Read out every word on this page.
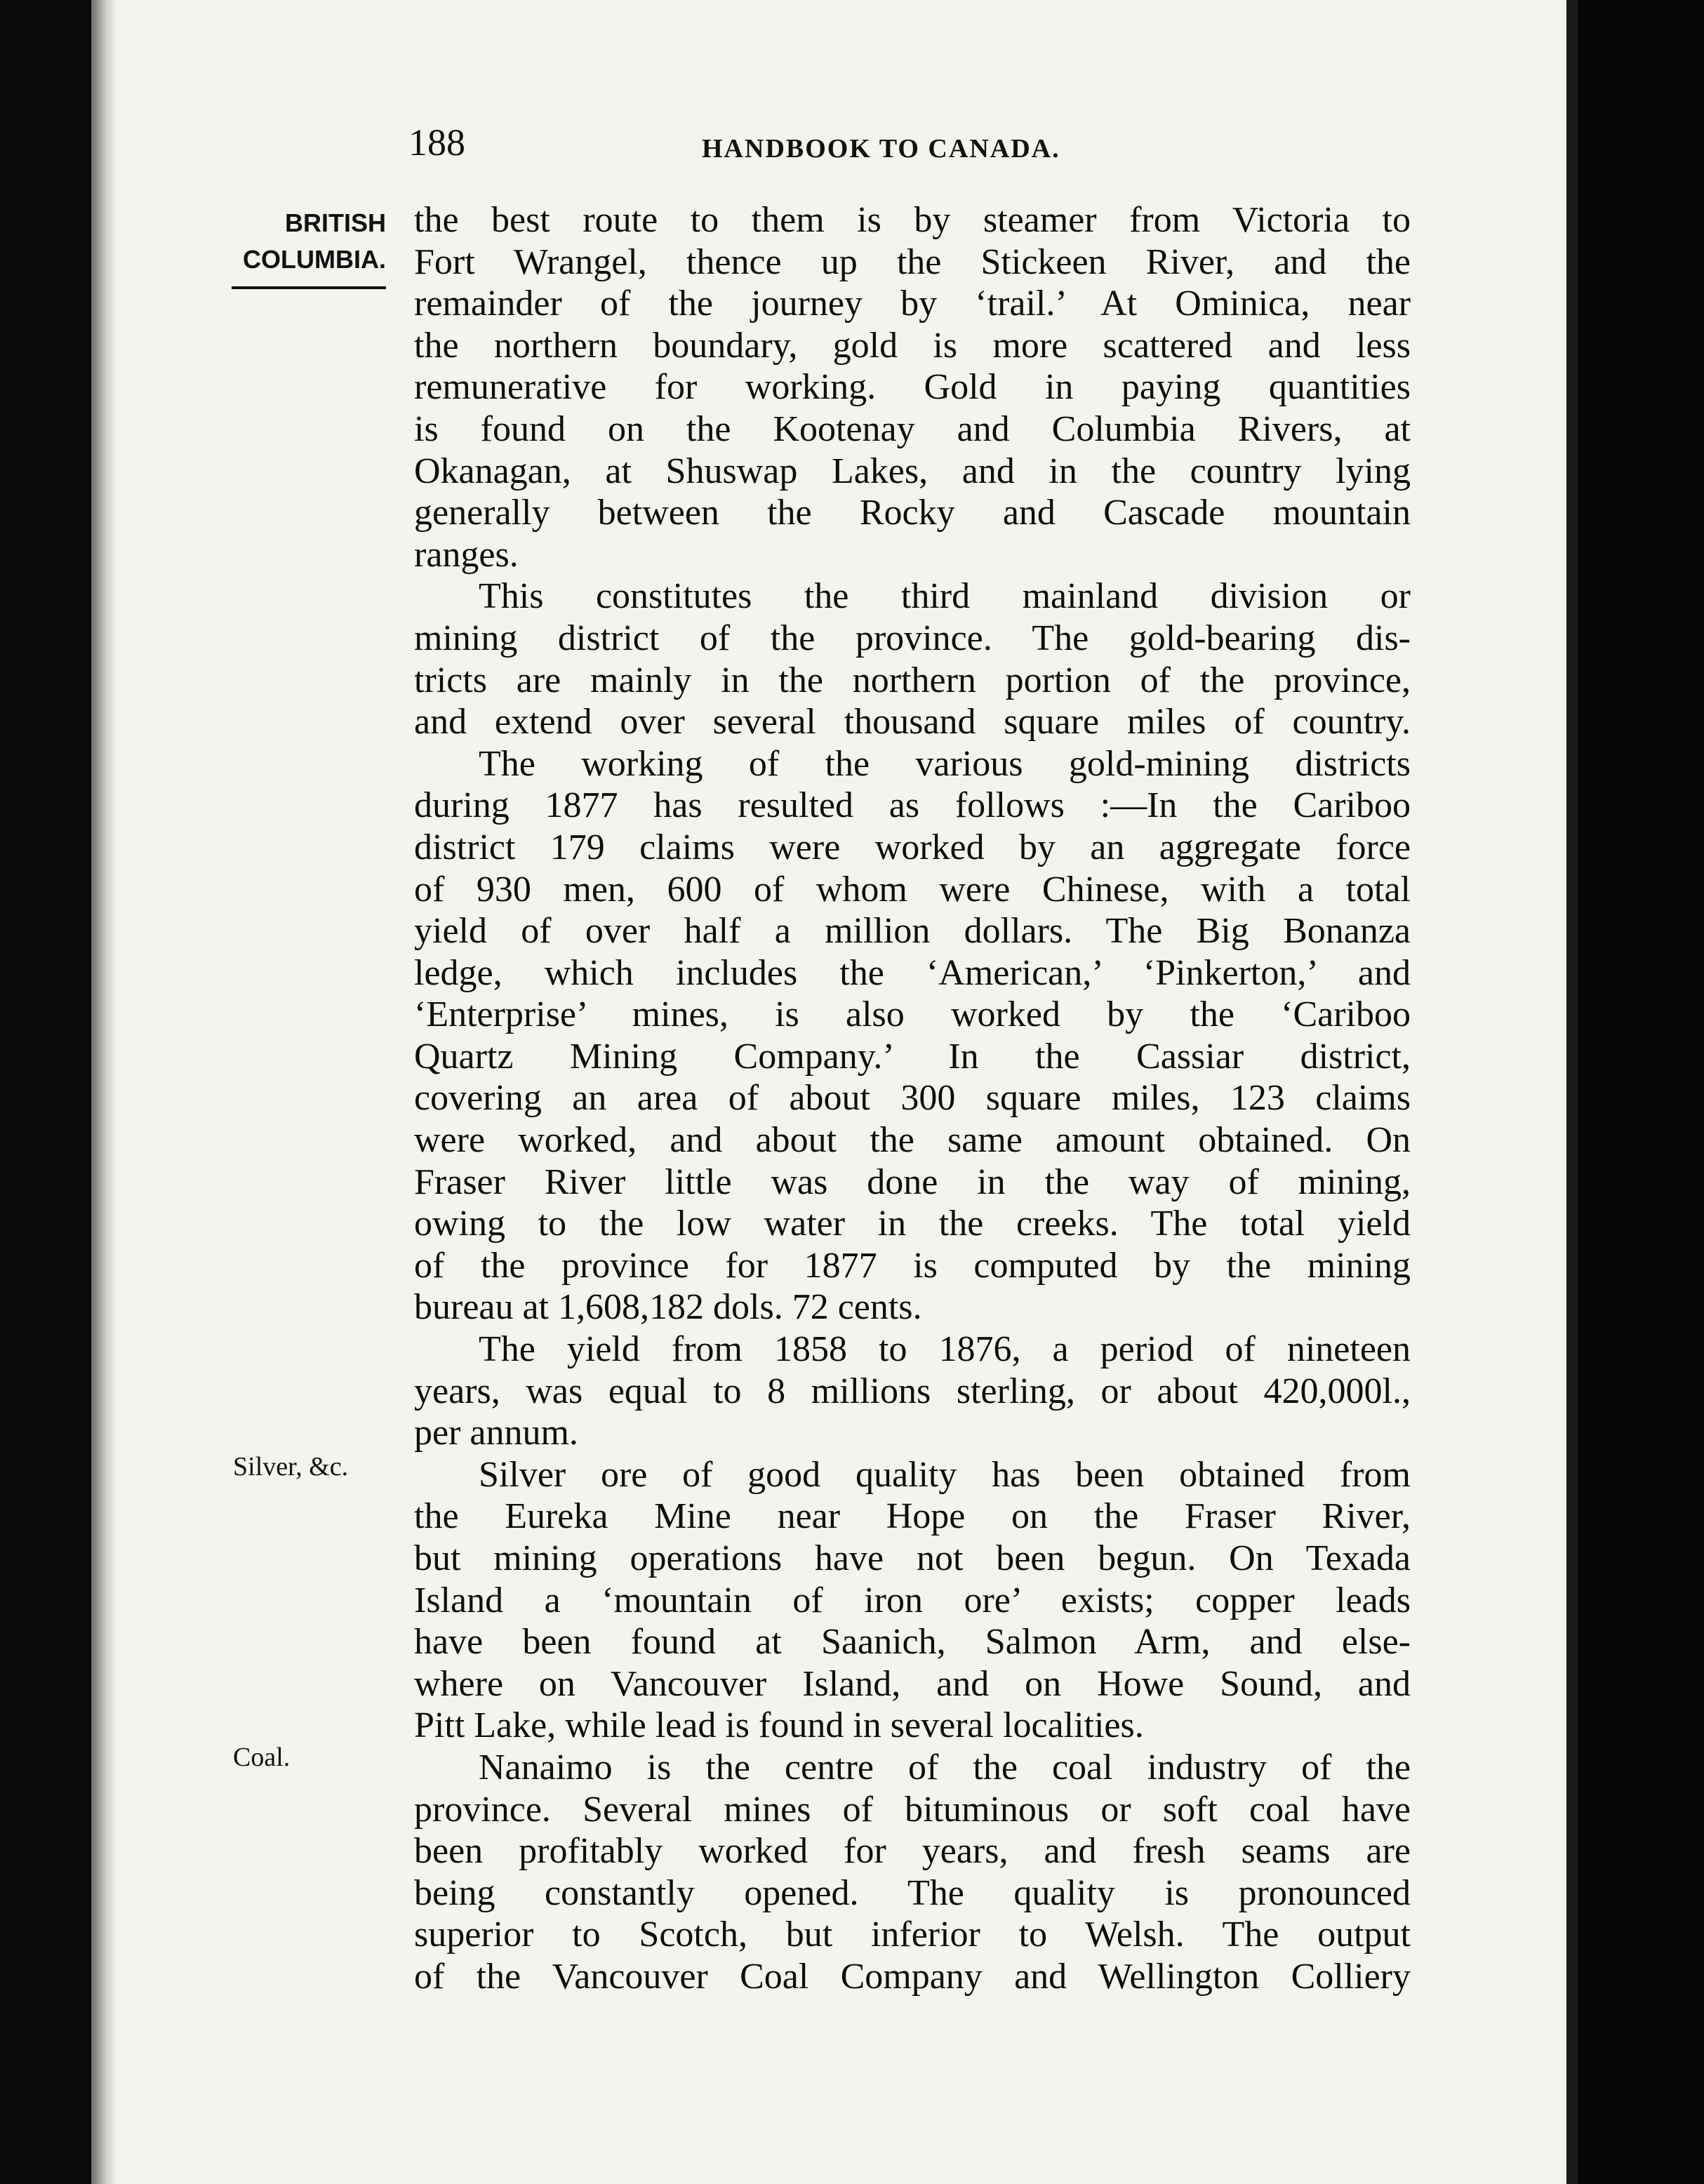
188	HANDBOOK TO CANADA.
BRITISH
COLUMBIA.
Silver, &c.
Coal.
the best route to them is by steamer from Victoria to
Fort Wrangel, thence up the Stickeen River, and the
remainder of the journey by ‘trail.’ At Ominica, near
the northern boundary, gold is more scattered and less
remunerative for working. Gold in paying quantities
is found on the Kootenay and Columbia Rivers, at
Okanagan, at Shuswap Lakes, and in the country lying
generally between the Rocky and Cascade mountain
ranges.
This constitutes the third mainland division or
mining district of the province. The gold-bearing dis-
tricts are mainly in the northern portion of the province,
and extend over several thousand square miles of country.
The working of the various gold-mining districts
during 1877 has resulted as follows :—In the Cariboo
district 179 claims were worked by an aggregate force
of 930 men, 600 of whom were Chinese, with a total
yield of over half a million dollars. The Big Bonanza
ledge, which includes the ‘American,’ ‘Pinkerton,’ and
‘Enterprise’ mines, is also worked by the ‘Cariboo
Quartz Mining Company.’ In the Cassiar district,
covering an area of about 300 square miles, 123 claims
were worked, and about the same amount obtained. On
Fraser River little was done in the way of mining,
owing to the low water in the creeks. The total yield
of the province for 1877 is computed by the mining
bureau at 1,608,182 dols. 72 cents.
The yield from 1858 to 1876, a period of nineteen
years, was equal to 8 millions sterling, or about 420,000l.,
per annum.
Silver ore of good quality has been obtained from
the Eureka Mine near Hope on the Fraser River,
but mining operations have not been begun. On Texada
Island a ‘mountain of iron ore’ exists; copper leads
have been found at Saanich, Salmon Arm, and else-
where on Vancouver Island, and on Howe Sound, and
Pitt Lake, while lead is found in several localities.
Nanaimo is the centre of the coal industry of the
province. Several mines of bituminous or soft coal have
been profitably worked for years, and fresh seams are
being constantly opened. The quality is pronounced
superior to Scotch, but inferior to Welsh. The output
of the Vancouver Coal Company and Wellington Colliery
